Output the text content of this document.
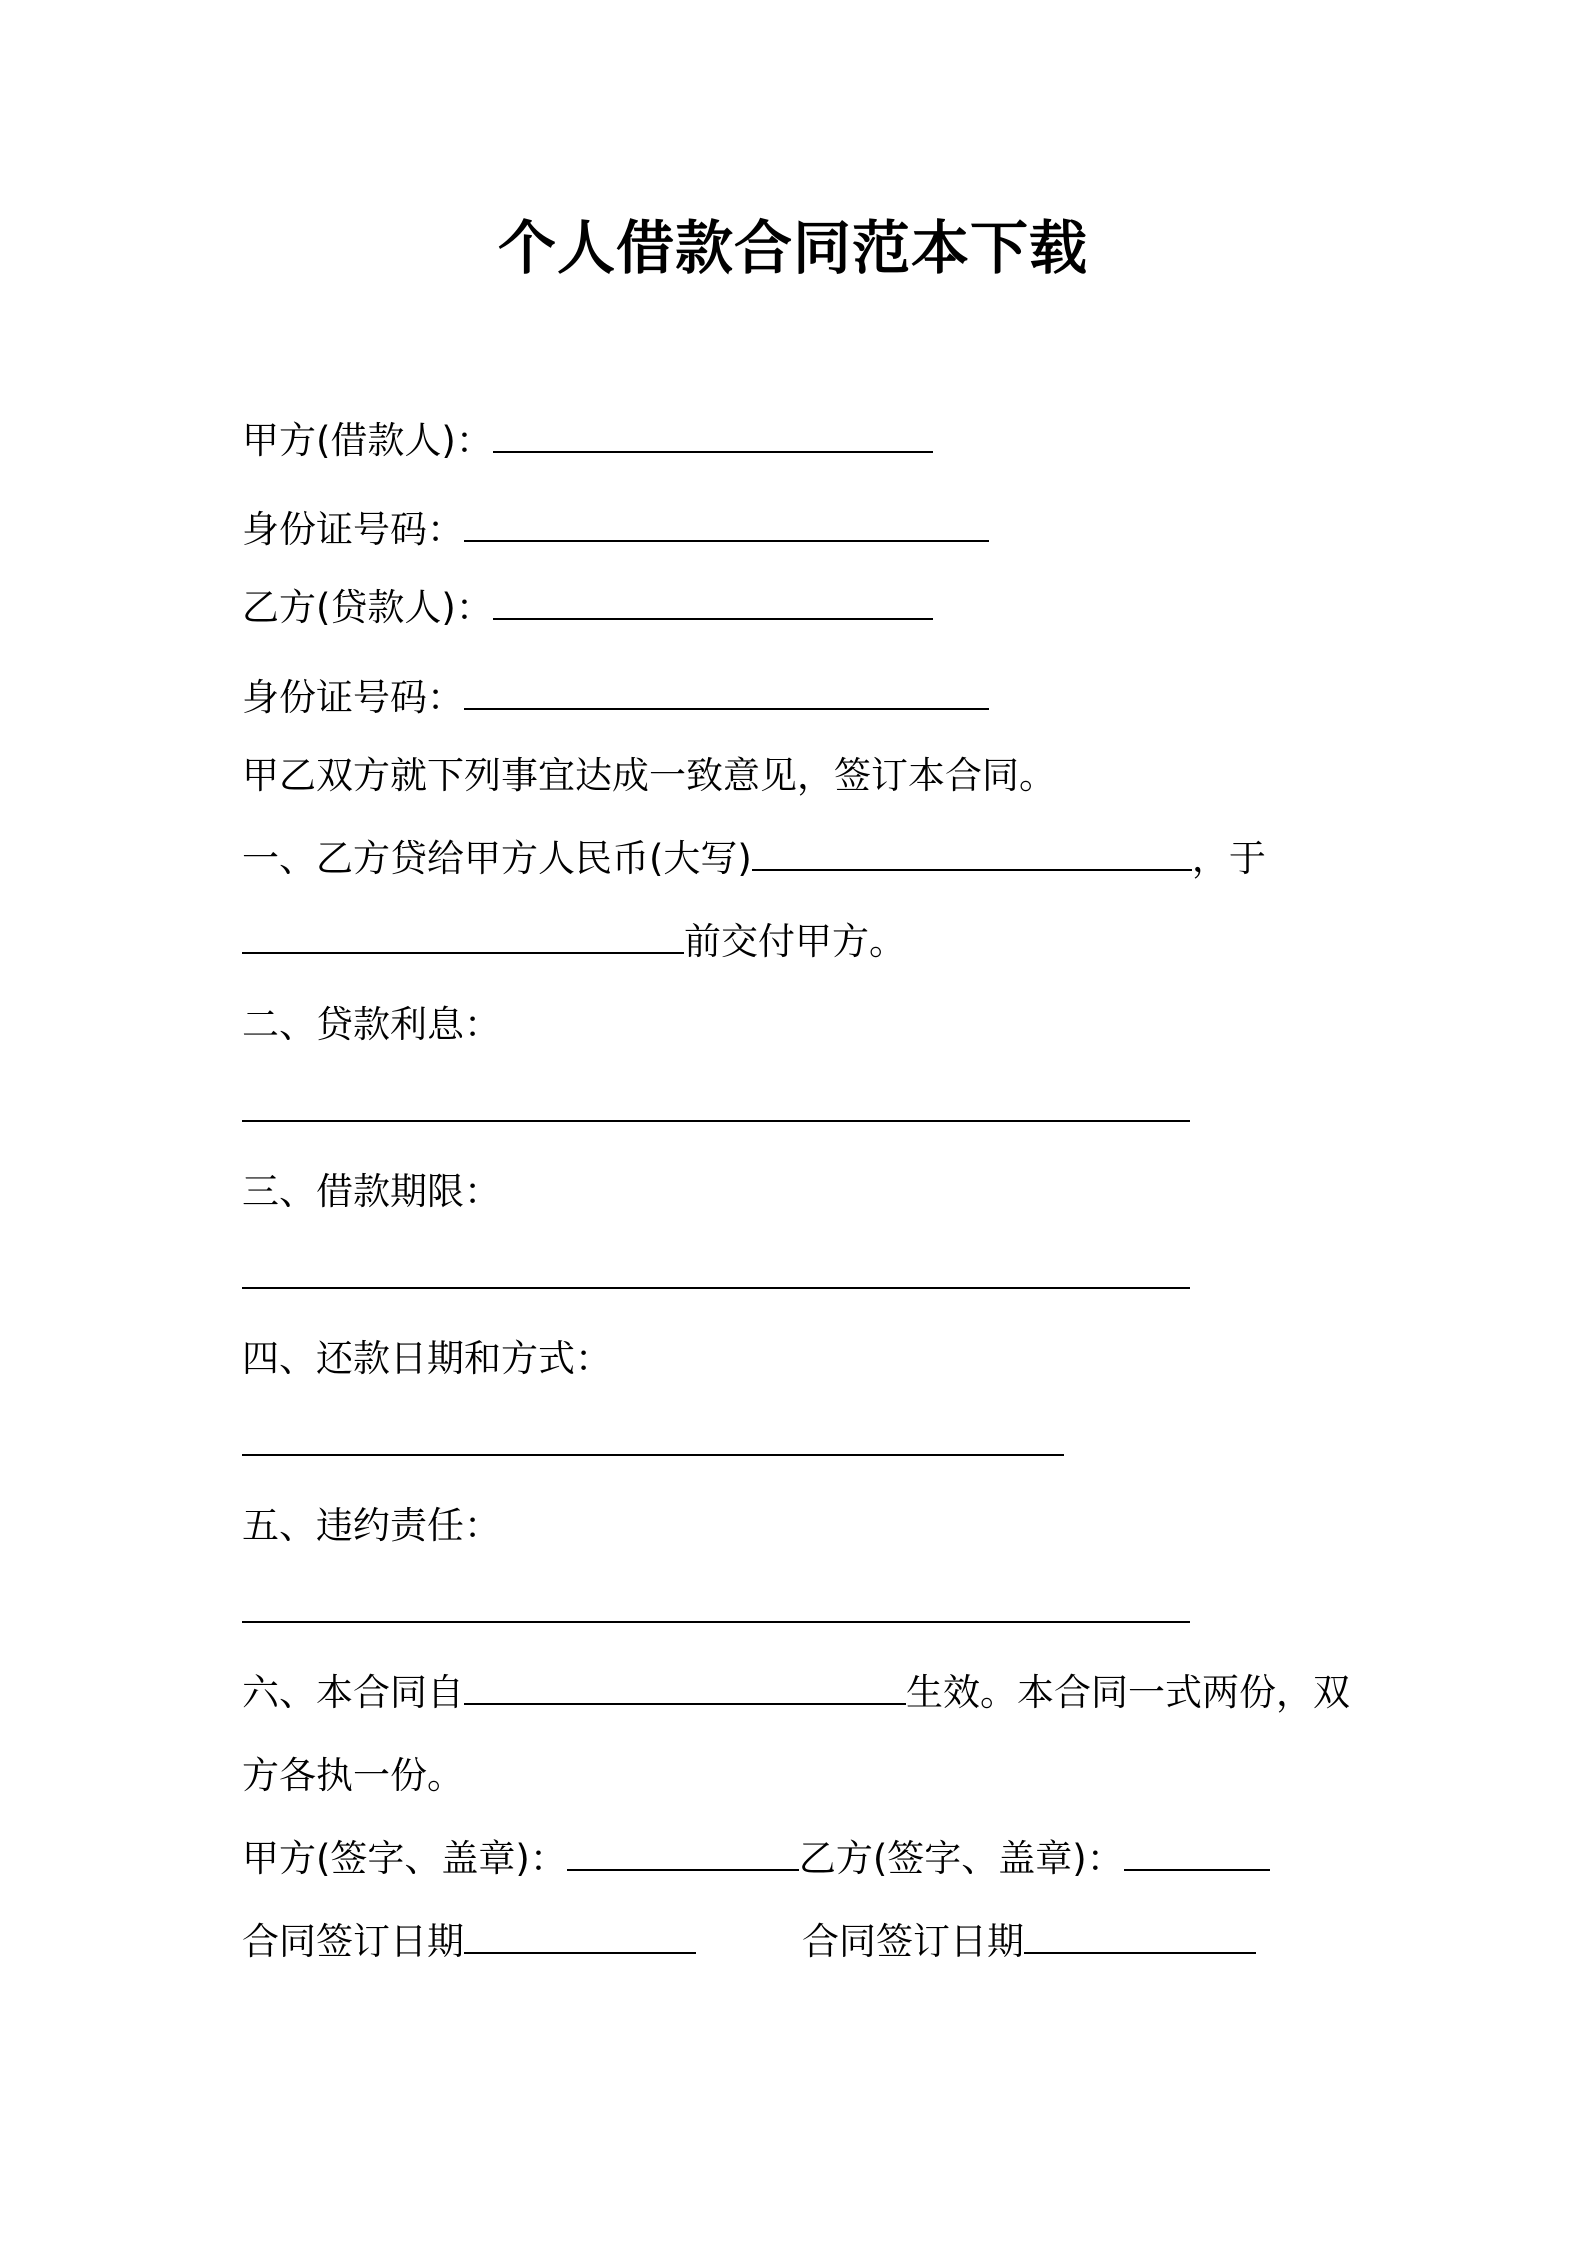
个人借款合同范本下载
甲方(借款人)：
身份证号码：
乙方(贷款人)：
身份证号码：
甲乙双方就下列事宜达成一致意见，签订本合同。
一、乙方贷给甲方人民币(大写)	，于
前交付甲方。
二、贷款利息：
三、借款期限：
四、还款日期和方式：
五、违约责任：
六、本合同自	生效。本合同一式两份，双
方各执一份。
甲方(签字、盖章)：	乙方(签字、盖章)：
合同签订日期	合同签订日期
